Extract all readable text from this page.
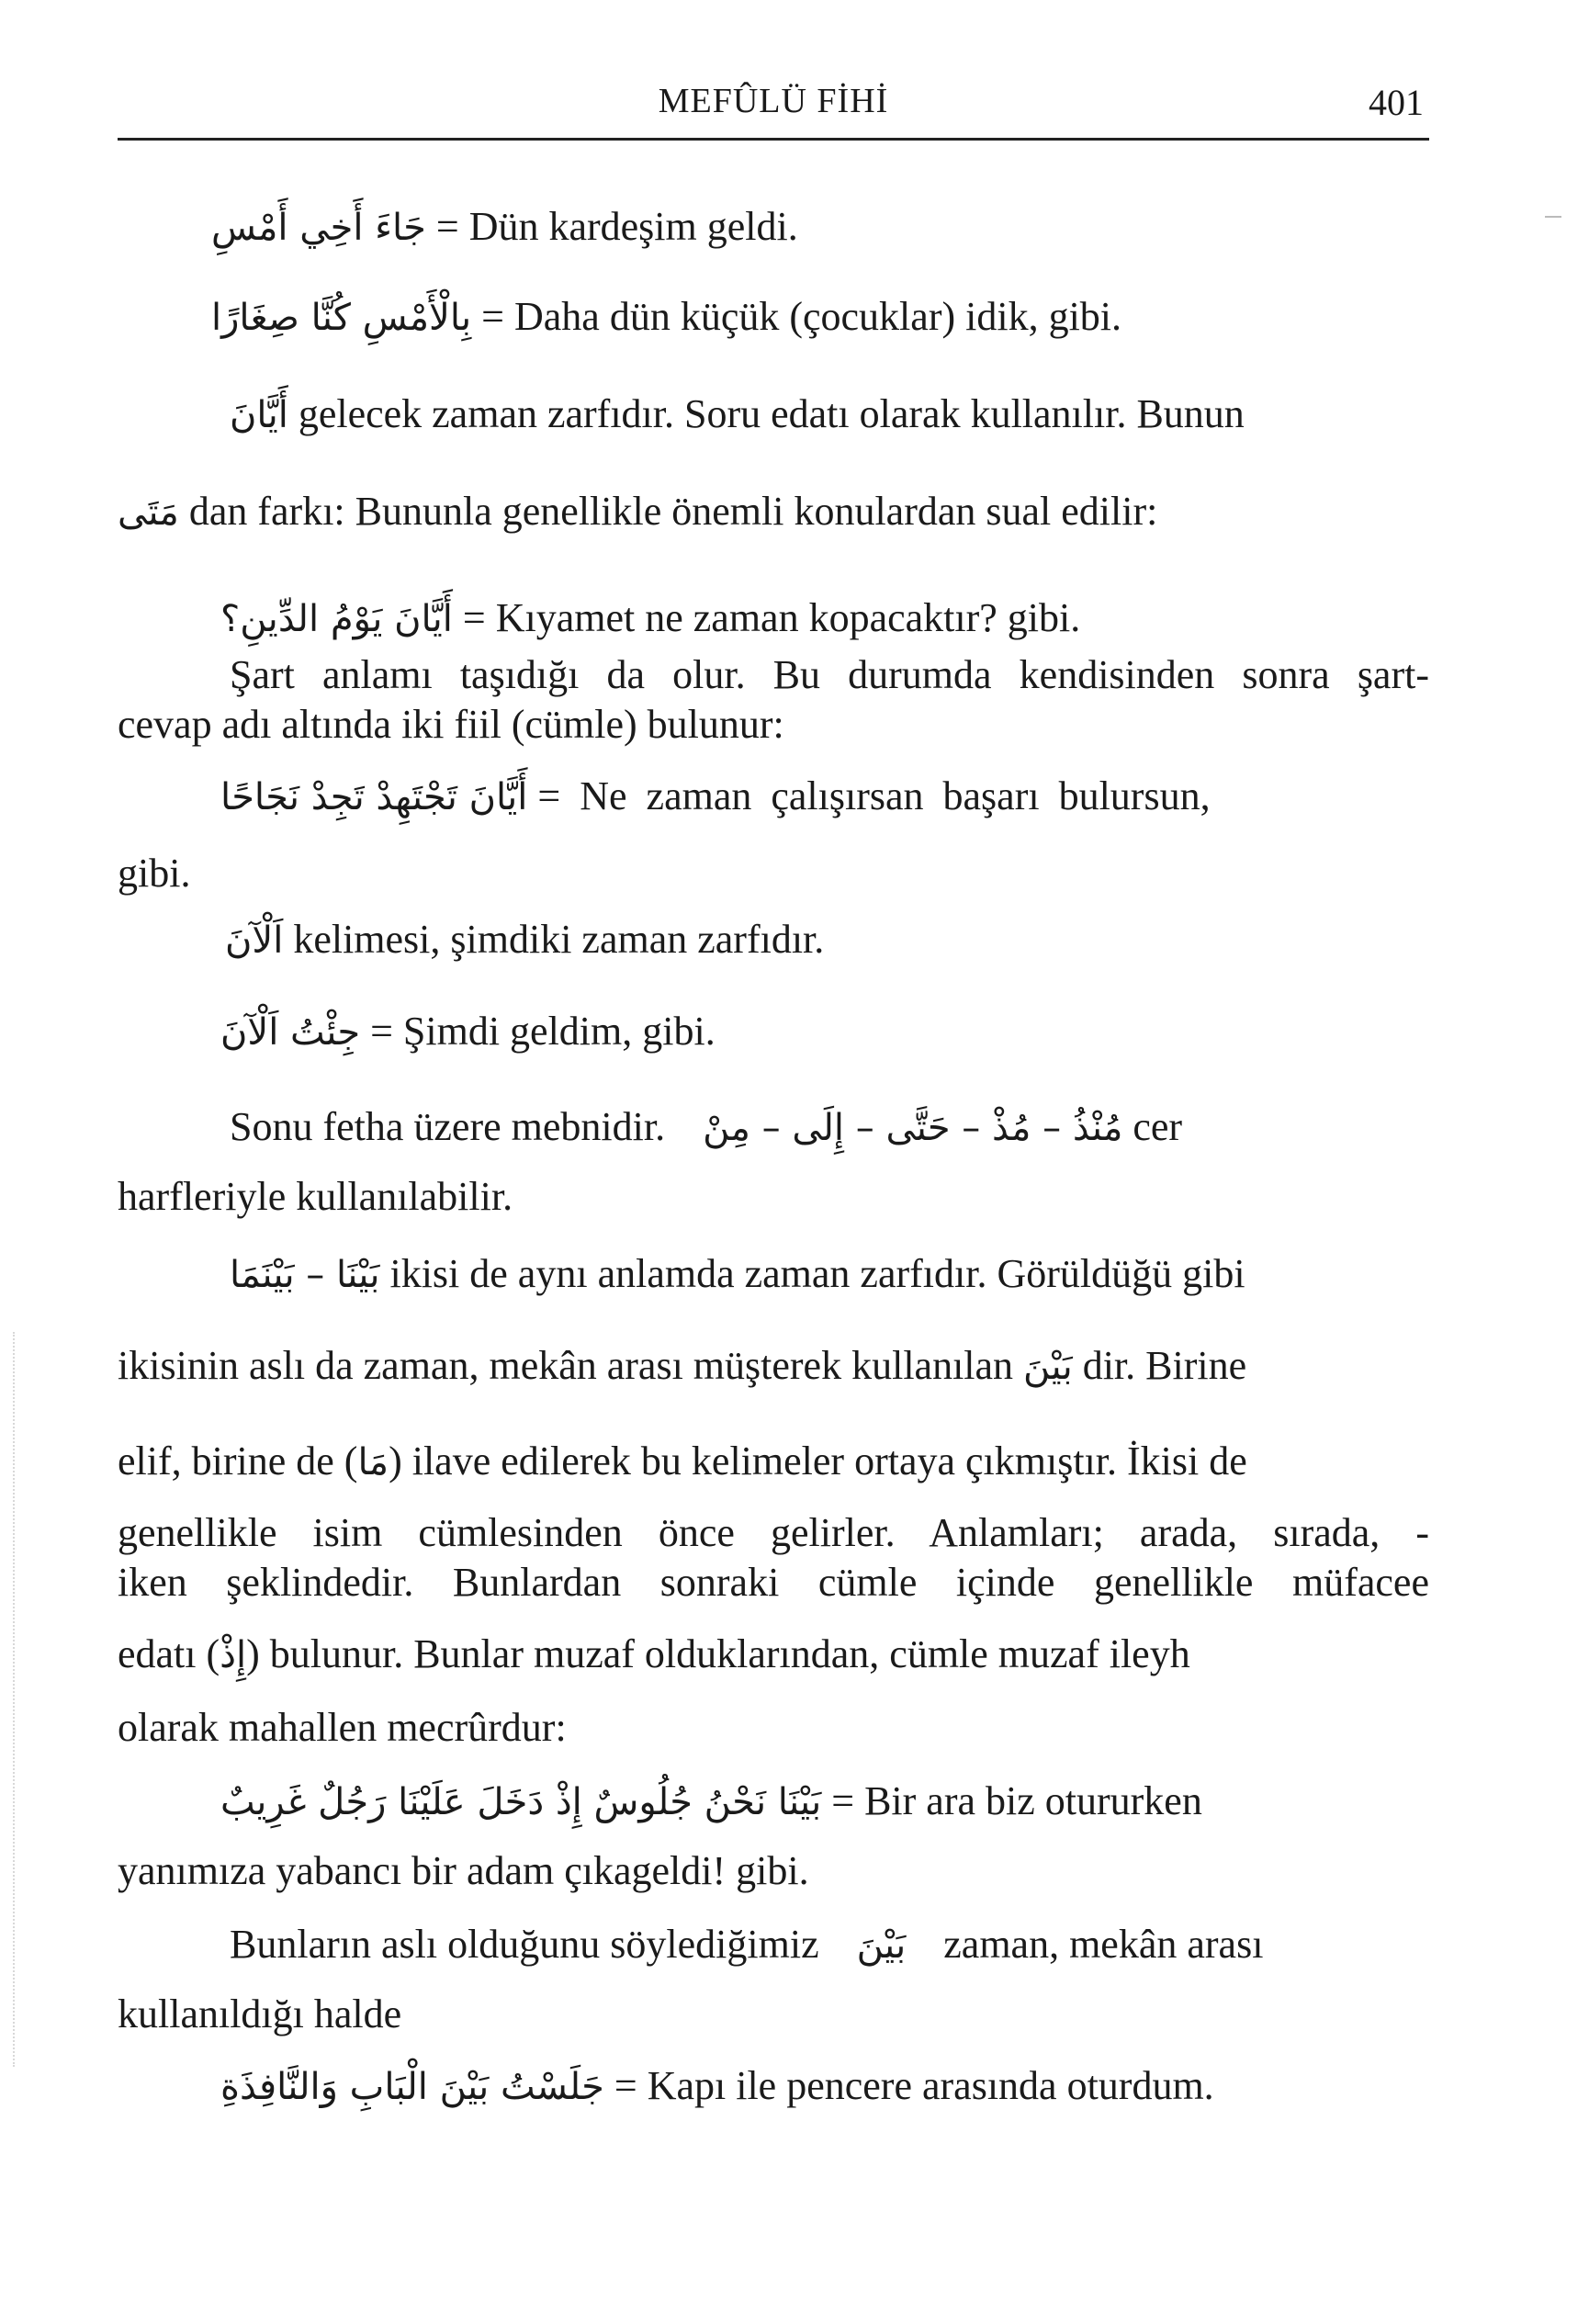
MEFÛLÜ FİHİ	401
جَاءَ أَخِي أَمْسِ = Dün kardeşim geldi.
بِالْأَمْسِ كُنَّا صِغَارًا = Daha dün küçük (çocuklar) idik, gibi.
أَيَّانَ gelecek zaman zarfıdır. Soru edatı olarak kullanılır. Bunun
مَتَى dan farkı: Bununla genellikle önemli konulardan sual edilir:
أَيَّانَ يَوْمُ الدِّينِ؟ = Kıyamet ne zaman kopacaktır? gibi.
Şart anlamı taşıdığı da olur. Bu durumda kendisinden sonra şart-
cevap adı altında iki fiil (cümle) bulunur:
أَيَّانَ تَجْتَهِدْ تَجِدْ نَجَاحًا = Ne zaman çalışırsan başarı bulursun,
gibi.
اَلْآنَ kelimesi, şimdiki zaman zarfıdır.
جِئْتُ اَلْآنَ = Şimdi geldim, gibi.
Sonu fetha üzere mebnidir. مُنْذُ – مُذْ – حَتَّى – إِلَى – مِنْ cer
harfleriyle kullanılabilir.
بَيْنَا – بَيْنَمَا ikisi de aynı anlamda zaman zarfıdır. Görüldüğü gibi
ikisinin aslı da zaman, mekân arası müşterek kullanılan بَيْنَ dir. Birine
elif, birine de (مَا) ilave edilerek bu kelimeler ortaya çıkmıştır. İkisi de
genellikle isim cümlesinden önce gelirler. Anlamları; arada, sırada, -
iken şeklindedir. Bunlardan sonraki cümle içinde genellikle müfacee
edatı (إِذْ) bulunur. Bunlar muzaf olduklarından, cümle muzaf ileyh
olarak mahallen mecrûrdur:
بَيْنَا نَحْنُ جُلُوسٌ إِذْ دَخَلَ عَلَيْنَا رَجُلٌ غَرِيبٌ = Bir ara biz otururken
yanımıza yabancı bir adam çıkageldi! gibi.
Bunların aslı olduğunu söylediğimiz بَيْنَ zaman, mekân arası
kullanıldığı halde
جَلَسْتُ بَيْنَ الْبَابِ وَالنَّافِذَةِ = Kapı ile pencere arasında oturdum.
